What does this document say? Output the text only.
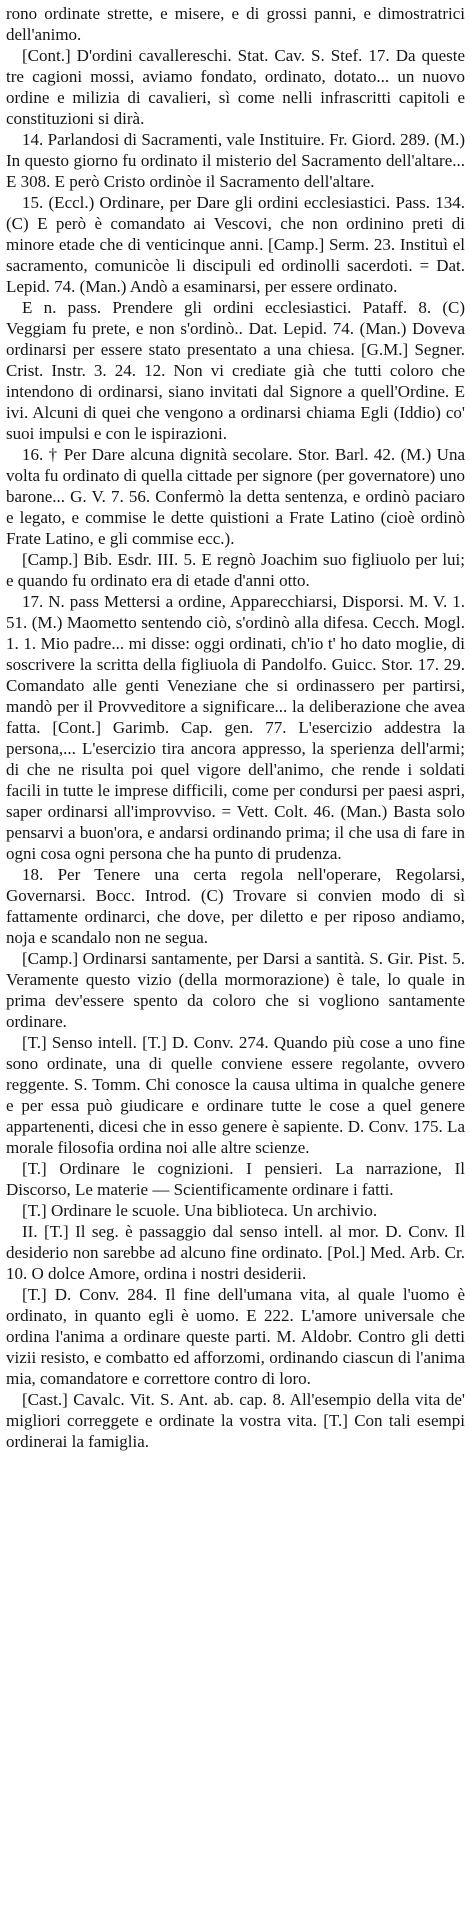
rono ordinate strette, e misere, e di grossi panni, e dimostratrici dell'animo.

[Cont.] D'ordini cavallereschi. Stat. Cav. S. Stef. 17. Da queste tre cagioni mossi, aviamo fondato, ordinato, dotato... un nuovo ordine e milizia di cavalieri, sì come nelli infrascritti capitoli e constituzioni si dirà.

14. Parlandosi di Sacramenti, vale Instituire. Fr. Giord. 289. (M.) In questo giorno fu ordinato il misterio del Sacramento dell'altare... E 308. E però Cristo ordinòe il Sacramento dell'altare.

15. (Eccl.) Ordinare, per Dare gli ordini ecclesiastici. Pass. 134. (C) E però è comandato ai Vescovi, che non ordinino preti di minore etade che di venticinque anni. [Camp.] Serm. 23. Instituì el sacramento, comunicòe li discipuli ed ordinolli sacerdoti. = Dat. Lepid. 74. (Man.) Andò a esaminarsi, per essere ordinato.

E n. pass. Prendere gli ordini ecclesiastici. Pataff. 8. (C) Veggiam fu prete, e non s'ordinò.. Dat. Lepid. 74. (Man.) Doveva ordinarsi per essere stato presentato a una chiesa. [G.M.] Segner. Crist. Instr. 3. 24. 12. Non vi crediate già che tutti coloro che intendono di ordinarsi, siano invitati dal Signore a quell'Ordine. E ivi. Alcuni di quei che vengono a ordinarsi chiama Egli (Iddio) co' suoi impulsi e con le ispirazioni.

16. † Per Dare alcuna dignità secolare. Stor. Barl. 42. (M.) Una volta fu ordinato di quella cittade per signore (per governatore) uno barone... G. V. 7. 56. Confermò la detta sentenza, e ordinò paciaro e legato, e commise le dette quistioni a Frate Latino (cioè ordinò Frate Latino, e gli commise ecc.).

[Camp.] Bib. Esdr. III. 5. E regnò Joachim suo figliuolo per lui; e quando fu ordinato era di etade d'anni otto.

17. N. pass Mettersi a ordine, Apparecchiarsi, Disporsi. M. V. 1. 51. (M.) Maometto sentendo ciò, s'ordinò alla difesa. Cecch. Mogl. 1. 1. Mio padre... mi disse: oggi ordinati, ch'io t' ho dato moglie, di soscrivere la scritta della figliuola di Pandolfo. Guicc. Stor. 17. 29. Comandato alle genti Veneziane che si ordinassero per partirsi, mandò per il Provveditore a significare... la deliberazione che avea fatta. [Cont.] Garimb. Cap. gen. 77. L'esercizio addestra la persona,... L'esercizio tira ancora appresso, la sperienza dell'armi; di che ne risulta poi quel vigore dell'animo, che rende i soldati facili in tutte le imprese difficili, come per condursi per paesi aspri, saper ordinarsi all'improvviso. = Vett. Colt. 46. (Man.) Basta solo pensarvi a buon'ora, e andarsi ordinando prima; il che usa di fare in ogni cosa ogni persona che ha punto di prudenza.

18. Per Tenere una certa regola nell'operare, Regolarsi, Governarsi. Bocc. Introd. (C) Trovare si convien modo di sì fattamente ordinarci, che dove, per diletto e per riposo andiamo, noja e scandalo non ne segua.

[Camp.] Ordinarsi santamente, per Darsi a santità. S. Gir. Pist. 5. Veramente questo vizio (della mormorazione) è tale, lo quale in prima dev'essere spento da coloro che si vogliono santamente ordinare.

[T.] Senso intell. [T.] D. Conv. 274. Quando più cose a uno fine sono ordinate, una di quelle conviene essere regolante, ovvero reggente. S. Tomm. Chi conosce la causa ultima in qualche genere e per essa può giudicare e ordinare tutte le cose a quel genere appartenenti, dicesi che in esso genere è sapiente. D. Conv. 175. La morale filosofia ordina noi alle altre scienze.

[T.] Ordinare le cognizioni. I pensieri. La narrazione, Il Discorso, Le materie — Scientificamente ordinare i fatti.

[T.] Ordinare le scuole. Una biblioteca. Un archivio.

II. [T.] Il seg. è passaggio dal senso intell. al mor. D. Conv. Il desiderio non sarebbe ad alcuno fine ordinato. [Pol.] Med. Arb. Cr. 10. O dolce Amore, ordina i nostri desiderii.

[T.] D. Conv. 284. Il fine dell'umana vita, al quale l'uomo è ordinato, in quanto egli è uomo. E 222. L'amore universale che ordina l'anima a ordinare queste parti. M. Aldobr. Contro gli detti vizii resisto, e combatto ed afforzomi, ordinando ciascun di l'anima mia, comandatore e correttore contro di loro.

[Cast.] Cavalc. Vit. S. Ant. ab. cap. 8. All'esempio della vita de' migliori correggete e ordinate la vostra vita. [T.] Con tali esempi ordinerai la famiglia.
